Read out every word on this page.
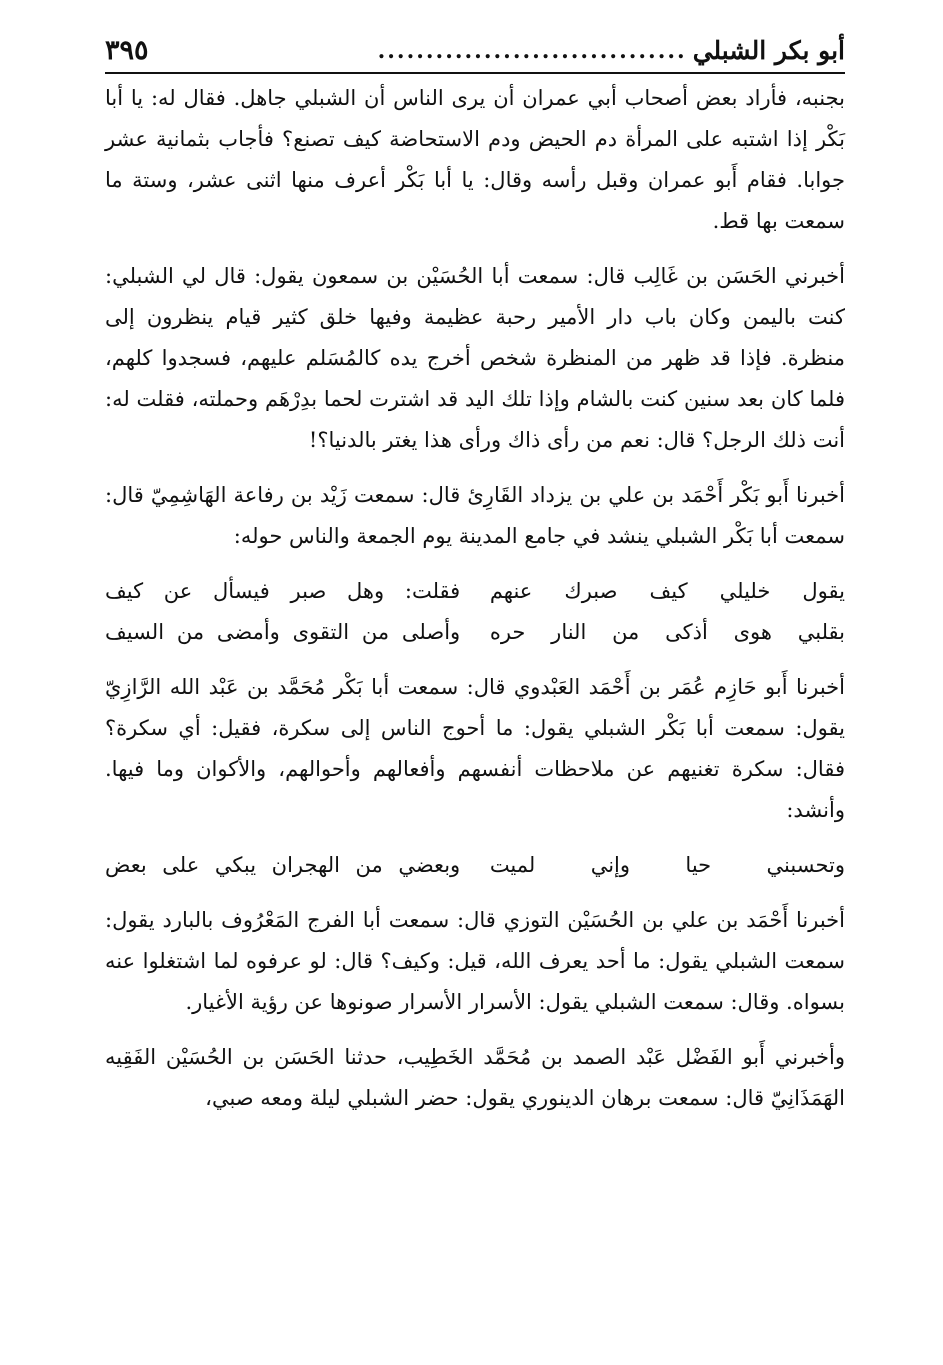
أبو بكر الشبلي
................................
٣٩٥

بجنبه، فأراد بعض أصحاب أبي عمران أن يرى الناس أن الشبلي جاهل. فقال له: يا أبا بَكْر إذا اشتبه على المرأة دم الحيض ودم الاستحاضة كيف تصنع؟ فأجاب بثمانية عشر جوابا. فقام أَبو عمران وقبل رأسه وقال: يا أبا بَكْر أعرف منها اثنى عشر، وستة ما سمعت بها قط.

أخبرني الحَسَن بن غَالِب قال: سمعت أبا الحُسَيْن بن سمعون يقول: قال لي الشبلي: كنت باليمن وكان باب دار الأمير رحبة عظيمة وفيها خلق كثير قيام ينظرون إلى منظرة. فإذا قد ظهر من المنظرة شخص أخرج يده كالمُسَلم عليهم، فسجدوا كلهم، فلما كان بعد سنين كنت بالشام وإذا تلك اليد قد اشترت لحما بدِرْهَم وحملته، فقلت له: أنت ذلك الرجل؟ قال: نعم من رأى ذاك ورأى هذا يغتر بالدنيا؟!

أخبرنا أَبو بَكْر أَحْمَد بن علي بن يزداد القَارِئ قال: سمعت زَيْد بن رفاعة الهَاشِمِيّ قال: سمعت أبا بَكْر الشبلي ينشد في جامع المدينة يوم الجمعة والناس حوله:

يقول خليلي كيف صبرك عنهم
فقلت: وهل صبر فيسأل عن كيف
بقلبي هوى أذكى من النار حره
وأصلى من التقوى وأمضى من السيف

أخبرنا أَبو حَازِم عُمَر بن أَحْمَد العَبْدوي قال: سمعت أبا بَكْر مُحَمَّد بن عَبْد الله الرَّازِيّ يقول: سمعت أبا بَكْر الشبلي يقول: ما أحوج الناس إلى سكرة، فقيل: أي سكرة؟ فقال: سكرة تغنيهم عن ملاحظات أنفسهم وأفعالهم وأحوالهم، والأكوان وما فيها. وأنشد:

وتحسبني حيا وإني لميت
وبعضي من الهجران يبكي على بعض

أخبرنا أَحْمَد بن علي بن الحُسَيْن التوزي قال: سمعت أبا الفرج المَعْرُوف بالبارد يقول: سمعت الشبلي يقول: ما أحد يعرف الله، قيل: وكيف؟ قال: لو عرفوه لما اشتغلوا عنه بسواه. وقال: سمعت الشبلي يقول: الأسرار الأسرار صونوها عن رؤية الأغيار.

وأخبرني أَبو الفَضْل عَبْد الصمد بن مُحَمَّد الخَطِيب، حدثنا الحَسَن بن الحُسَيْن الفَقِيه الهَمَذَانِيّ قال: سمعت برهان الدينوري يقول: حضر الشبلي ليلة ومعه صبي،
